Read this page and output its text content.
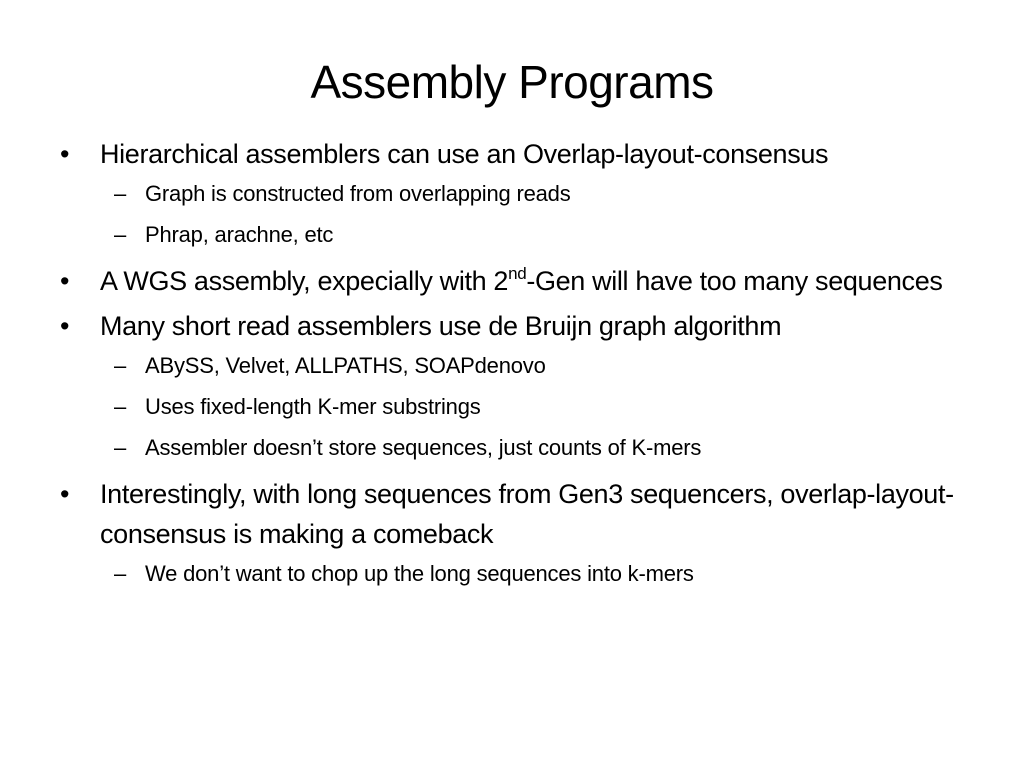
Assembly Programs
•	Hierarchical assemblers can use an Overlap-layout-consensus
– Graph is constructed from overlapping reads
– Phrap, arachne, etc
•	A WGS assembly, expecially with 2nd-Gen will have too many sequences
•	Many short read assemblers use de Bruijn graph algorithm
– ABySS, Velvet, ALLPATHS, SOAPdenovo
– Uses fixed-length K-mer substrings
– Assembler doesn’t store sequences, just counts of K-mers
•	Interestingly, with long sequences from Gen3 sequencers, overlap-layout-consensus is making a comeback
– We don’t want to chop up the long sequences into k-mers
